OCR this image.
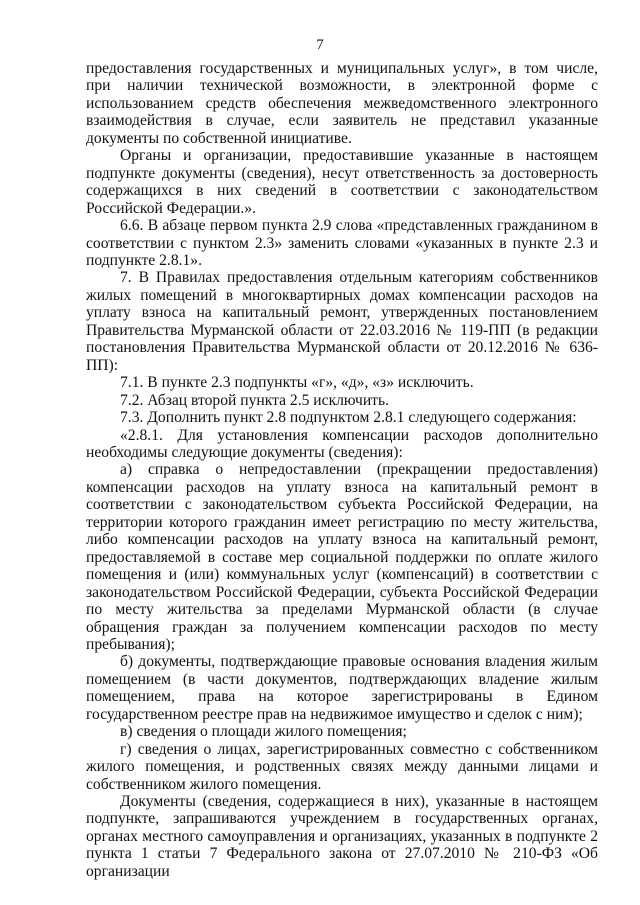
7

предоставления государственных и муниципальных услуг», в том числе, при наличии технической возможности, в электронной форме с использованием средств обеспечения межведомственного электронного взаимодействия в случае, если заявитель не представил указанные документы по собственной инициативе.

Органы и организации, предоставившие указанные в настоящем подпункте документы (сведения), несут ответственность за достоверность содержащихся в них сведений в соответствии с законодательством Российской Федерации.».

6.6. В абзаце первом пункта 2.9 слова «представленных гражданином в соответствии с пунктом 2.3» заменить словами «указанных в пункте 2.3 и подпункте 2.8.1».

7. В Правилах предоставления отдельным категориям собственников жилых помещений в многоквартирных домах компенсации расходов на уплату взноса на капитальный ремонт, утвержденных постановлением Правительства Мурманской области от 22.03.2016 № 119-ПП (в редакции постановления Правительства Мурманской области от 20.12.2016 № 636-ПП):

7.1. В пункте 2.3 подпункты «г», «д», «з» исключить.

7.2. Абзац второй пункта 2.5 исключить.

7.3. Дополнить пункт 2.8 подпунктом 2.8.1 следующего содержания:

«2.8.1. Для установления компенсации расходов дополнительно необходимы следующие документы (сведения):

а) справка о непредоставлении (прекращении предоставления) компенсации расходов на уплату взноса на капитальный ремонт в соответствии с законодательством субъекта Российской Федерации, на территории которого гражданин имеет регистрацию по месту жительства, либо компенсации расходов на уплату взноса на капитальный ремонт, предоставляемой в составе мер социальной поддержки по оплате жилого помещения и (или) коммунальных услуг (компенсаций) в соответствии с законодательством Российской Федерации, субъекта Российской Федерации по месту жительства за пределами Мурманской области (в случае обращения граждан за получением компенсации расходов по месту пребывания);

б) документы, подтверждающие правовые основания владения жилым помещением (в части документов, подтверждающих владение жилым помещением, права на которое зарегистрированы в Едином государственном реестре прав на недвижимое имущество и сделок с ним);

в) сведения о площади жилого помещения;

г) сведения о лицах, зарегистрированных совместно с собственником жилого помещения, и родственных связях между данными лицами и собственником жилого помещения.

Документы (сведения, содержащиеся в них), указанные в настоящем подпункте, запрашиваются учреждением в государственных органах, органах местного самоуправления и организациях, указанных в подпункте 2 пункта 1 статьи 7 Федерального закона от 27.07.2010 № 210-ФЗ «Об организации
